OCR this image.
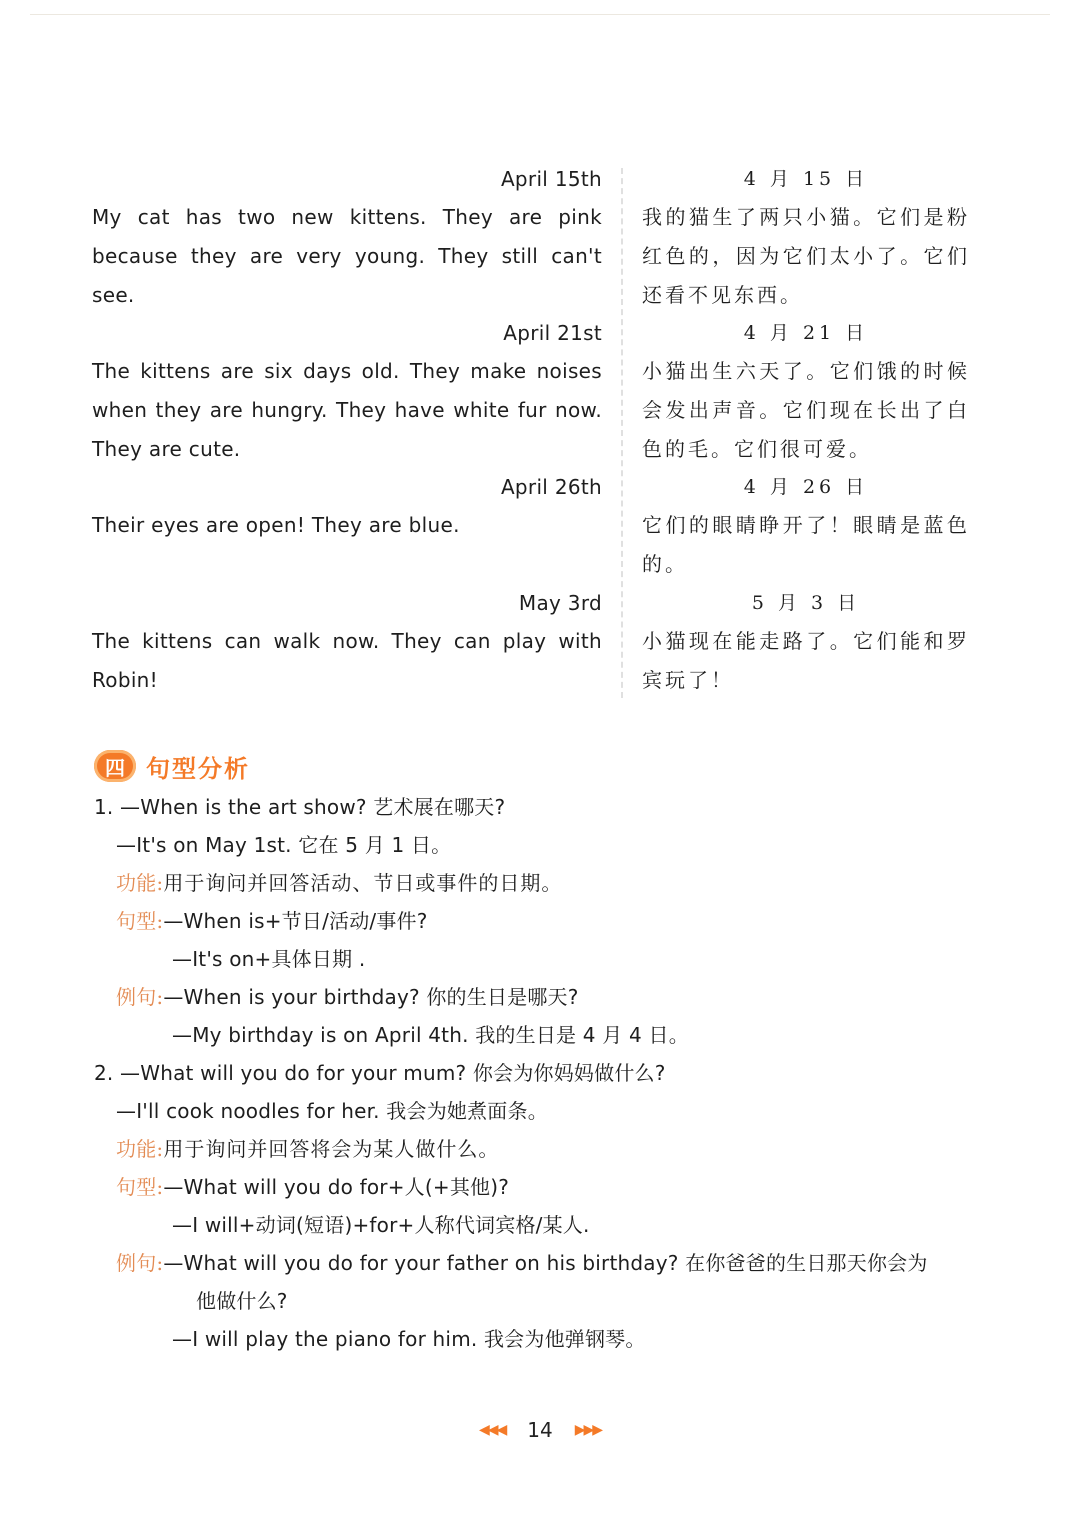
April 15th
My cat has two new kittens. They are pink because they are very young. They still can't see.
4 月 15 日
我的猫生了两只小猫。它们是粉红色的，因为它们太小了。它们还看不见东西。
April 21st
The kittens are six days old. They make noises when they are hungry. They have white fur now. They are cute.
4 月 21 日
小猫出生六天了。它们饿的时候会发出声音。它们现在长出了白色的毛。它们很可爱。
April 26th
Their eyes are open! They are blue.
4 月 26 日
它们的眼睛睁开了！眼睛是蓝色的。
May 3rd
The kittens can walk now. They can play with Robin!
5 月 3 日
小猫现在能走路了。它们能和罗宾玩了！
四 句型分析
1. —When is the art show? 艺术展在哪天?
—It's on May 1st. 它在 5 月 1 日。
功能:用于询问并回答活动、节日或事件的日期。
句型:—When is+节日/活动/事件?
—It's on+具体日期 .
例句:—When is your birthday? 你的生日是哪天?
—My birthday is on April 4th. 我的生日是 4 月 4 日。
2. —What will you do for your mum? 你会为你妈妈做什么?
—I'll cook noodles for her. 我会为她煮面条。
功能:用于询问并回答将会为某人做什么。
句型:—What will you do for+人(+其他)?
—I will+动词(短语)+for+人称代词宾格/某人.
例句:—What will you do for your father on his birthday? 在你爸爸的生日那天你会为
他做什么?
—I will play the piano for him. 我会为他弹钢琴。
◀◀◀ 14 ▶▶▶
